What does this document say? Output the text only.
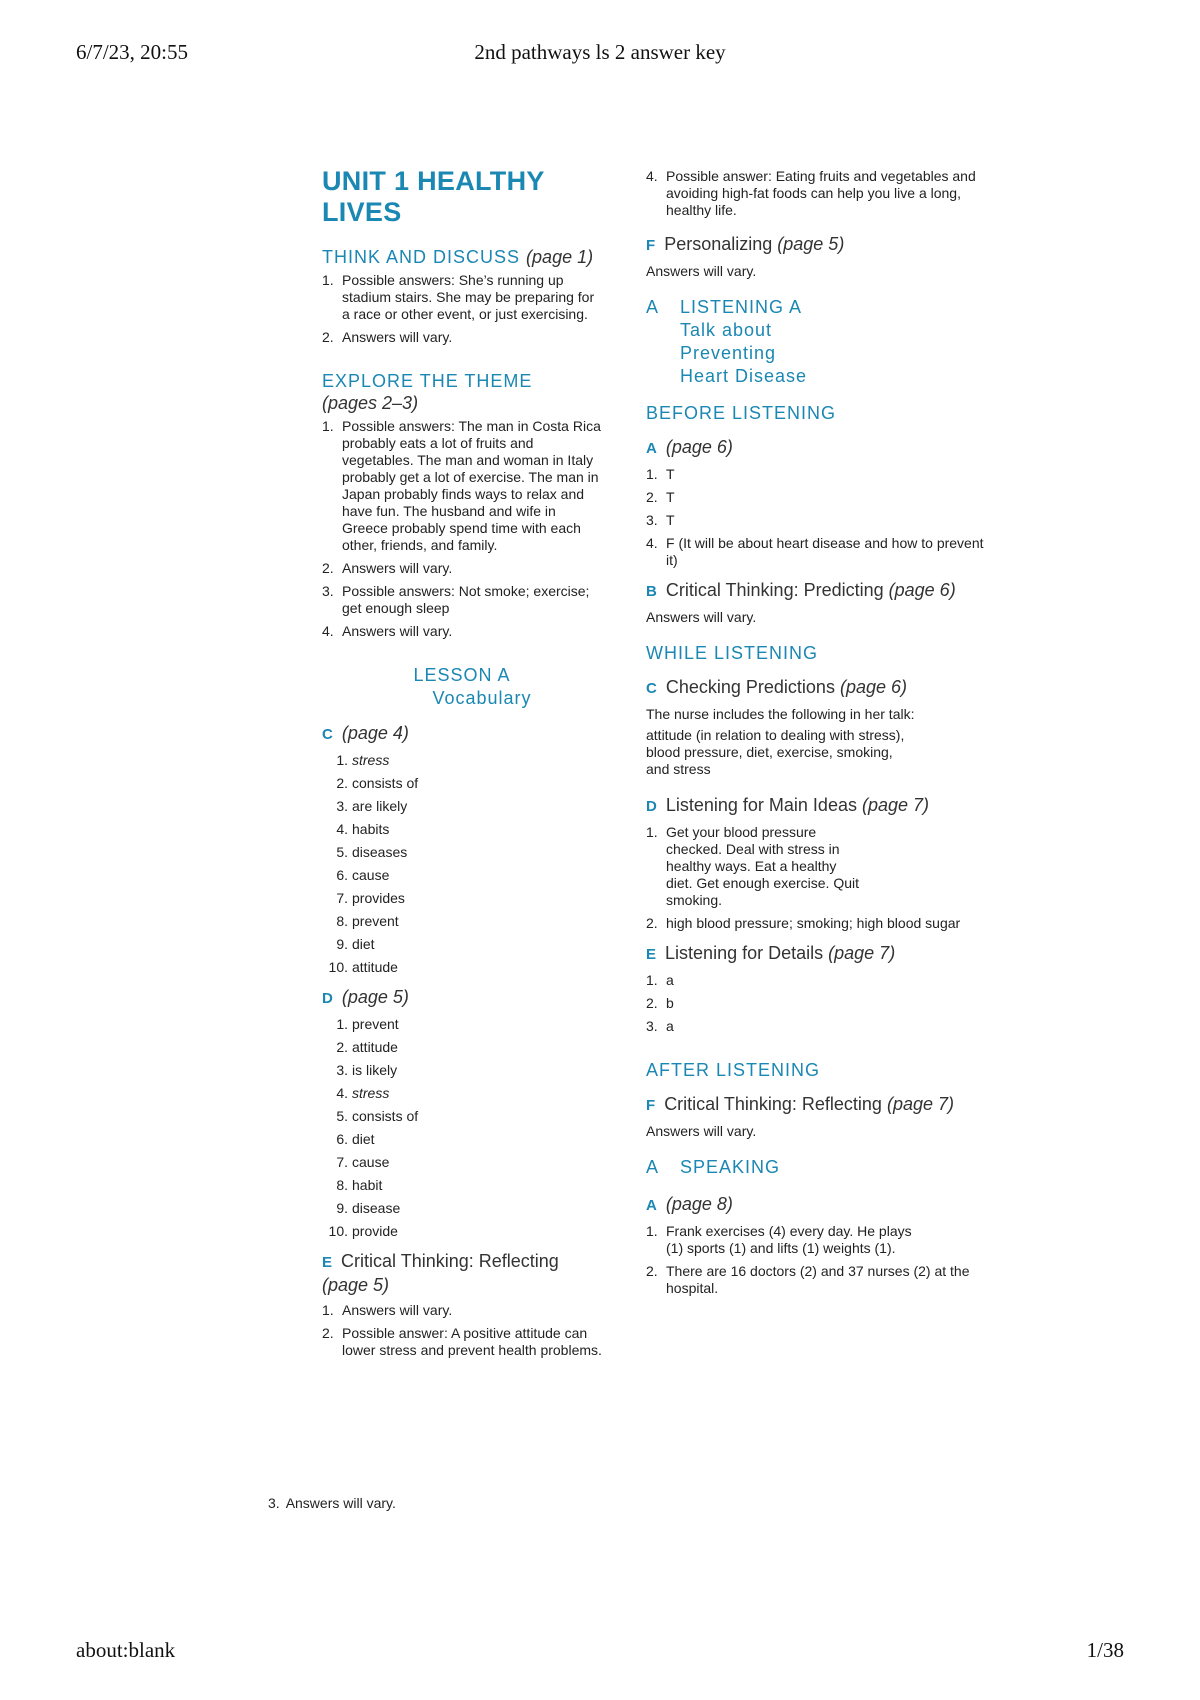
6/7/23, 20:55	2nd pathways ls 2 answer key
UNIT 1 HEALTHY LIVES
THINK AND DISCUSS (page 1)
1. Possible answers: She’s running up stadium stairs. She may be preparing for a race or other event, or just exercising.
2. Answers will vary.
EXPLORE THE THEME
(pages 2–3)
1. Possible answers: The man in Costa Rica probably eats a lot of fruits and vegetables. The man and woman in Italy probably get a lot of exercise. The man in Japan probably finds ways to relax and have fun. The husband and wife in Greece probably spend time with each other, friends, and family.
2. Answers will vary.
3. Possible answers: Not smoke; exercise; get enough sleep
4. Answers will vary.
LESSON A
Vocabulary
C (page 4)
1. stress
2. consists of
3. are likely
4. habits
5. diseases
6. cause
7. provides
8. prevent
9. diet
10. attitude
D (page 5)
1. prevent
2. attitude
3. is likely
4. stress
5. consists of
6. diet
7. cause
8. habit
9. disease
10. provide
E Critical Thinking: Reflecting (page 5)
1. Answers will vary.
2. Possible answer: A positive attitude can lower stress and prevent health problems.
3. Answers will vary.
4. Possible answer: Eating fruits and vegetables and avoiding high-fat foods can help you live a long, healthy life.
F Personalizing (page 5)
Answers will vary.
A	LISTENING A
Talk about
Preventing
Heart Disease
BEFORE LISTENING
A (page 6)
1. T
2. T
3. T
4. F (It will be about heart disease and how to prevent it)
B Critical Thinking: Predicting (page 6)
Answers will vary.
WHILE LISTENING
C Checking Predictions (page 6)
The nurse includes the following in her talk:
attitude (in relation to dealing with stress), blood pressure, diet, exercise, smoking, and stress
D Listening for Main Ideas (page 7)
1. Get your blood pressure checked. Deal with stress in healthy ways. Eat a healthy diet. Get enough exercise. Quit smoking.
2. high blood pressure; smoking; high blood sugar
E Listening for Details (page 7)
1. a
2. b
3. a
AFTER LISTENING
F Critical Thinking: Reflecting (page 7)
Answers will vary.
A	SPEAKING
A (page 8)
1. Frank exercises (4) every day. He plays (1) sports (1) and lifts (1) weights (1).
2. There are 16 doctors (2) and 37 nurses (2) at the hospital.
about:blank	1/38
